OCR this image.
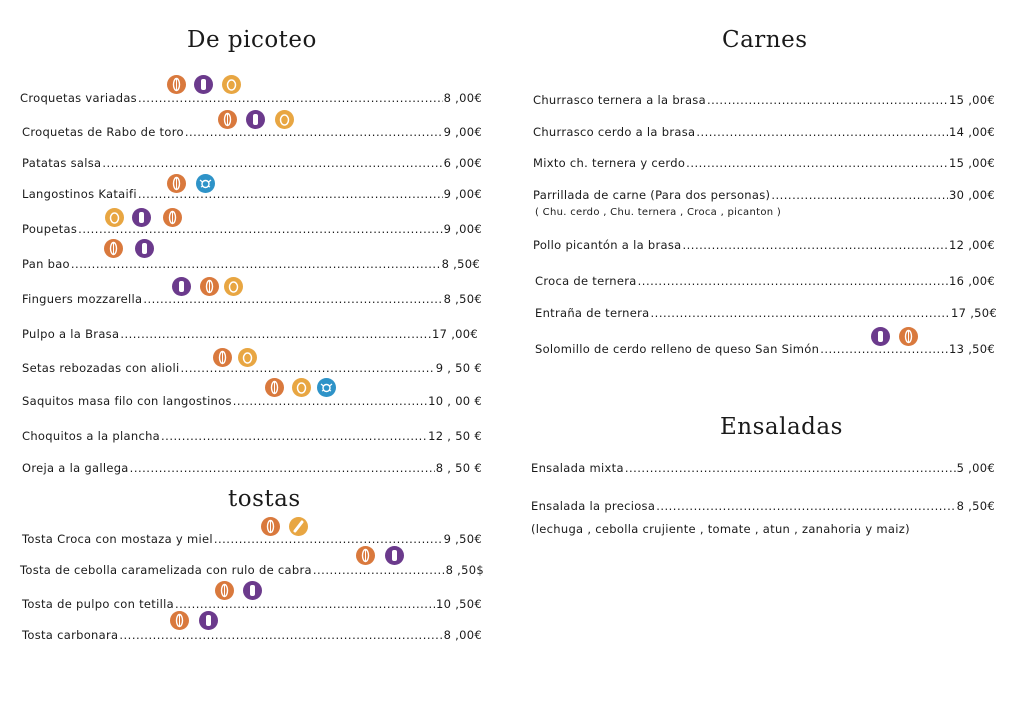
De picoteo
Croquetas variadas .....	8 ,00€
Croquetas de Rabo de toro .....	9 ,00€
Patatas salsa .....	6 ,00€
Langostinos Kataifi .....	9 ,00€
Poupetas .....	9 ,00€
Pan bao .....	8 ,50€
Finguers mozzarella .....	8 ,50€
Pulpo a la Brasa .....	17 ,00€
Setas rebozadas con alioli .....	9 , 50 €
Saquitos masa filo con langostinos .....	10 , 00 €
Choquitos a la plancha .....	12 , 50 €
Oreja a la gallega .....	8 , 50 €
tostas
Tosta Croca con mostaza y miel .....	9 ,50€
Tosta de cebolla caramelizada con rulo de cabra .....	8 ,50$
Tosta de pulpo con tetilla .....	10 ,50€
Tosta carbonara .....	8 ,00€
Carnes
Churrasco ternera a la brasa .....	15 ,00€
Churrasco cerdo a la brasa .....	14 ,00€
Mixto ch. ternera y cerdo .....	15 ,00€
Parrillada de carne (Para dos personas) .....	30 ,00€
( Chu. cerdo , Chu. ternera , Croca , picanton )
Pollo picantón a la brasa .....	12 ,00€
Croca de ternera .....	16 ,00€
Entraña de ternera .....	17 ,50€
Solomillo de cerdo relleno de queso San Simón .....	13 ,50€
Ensaladas
Ensalada mixta .....	5 ,00€
Ensalada la preciosa .....	8 ,50€
(lechuga , cebolla crujiente , tomate , atun , zanahoria y maiz)
